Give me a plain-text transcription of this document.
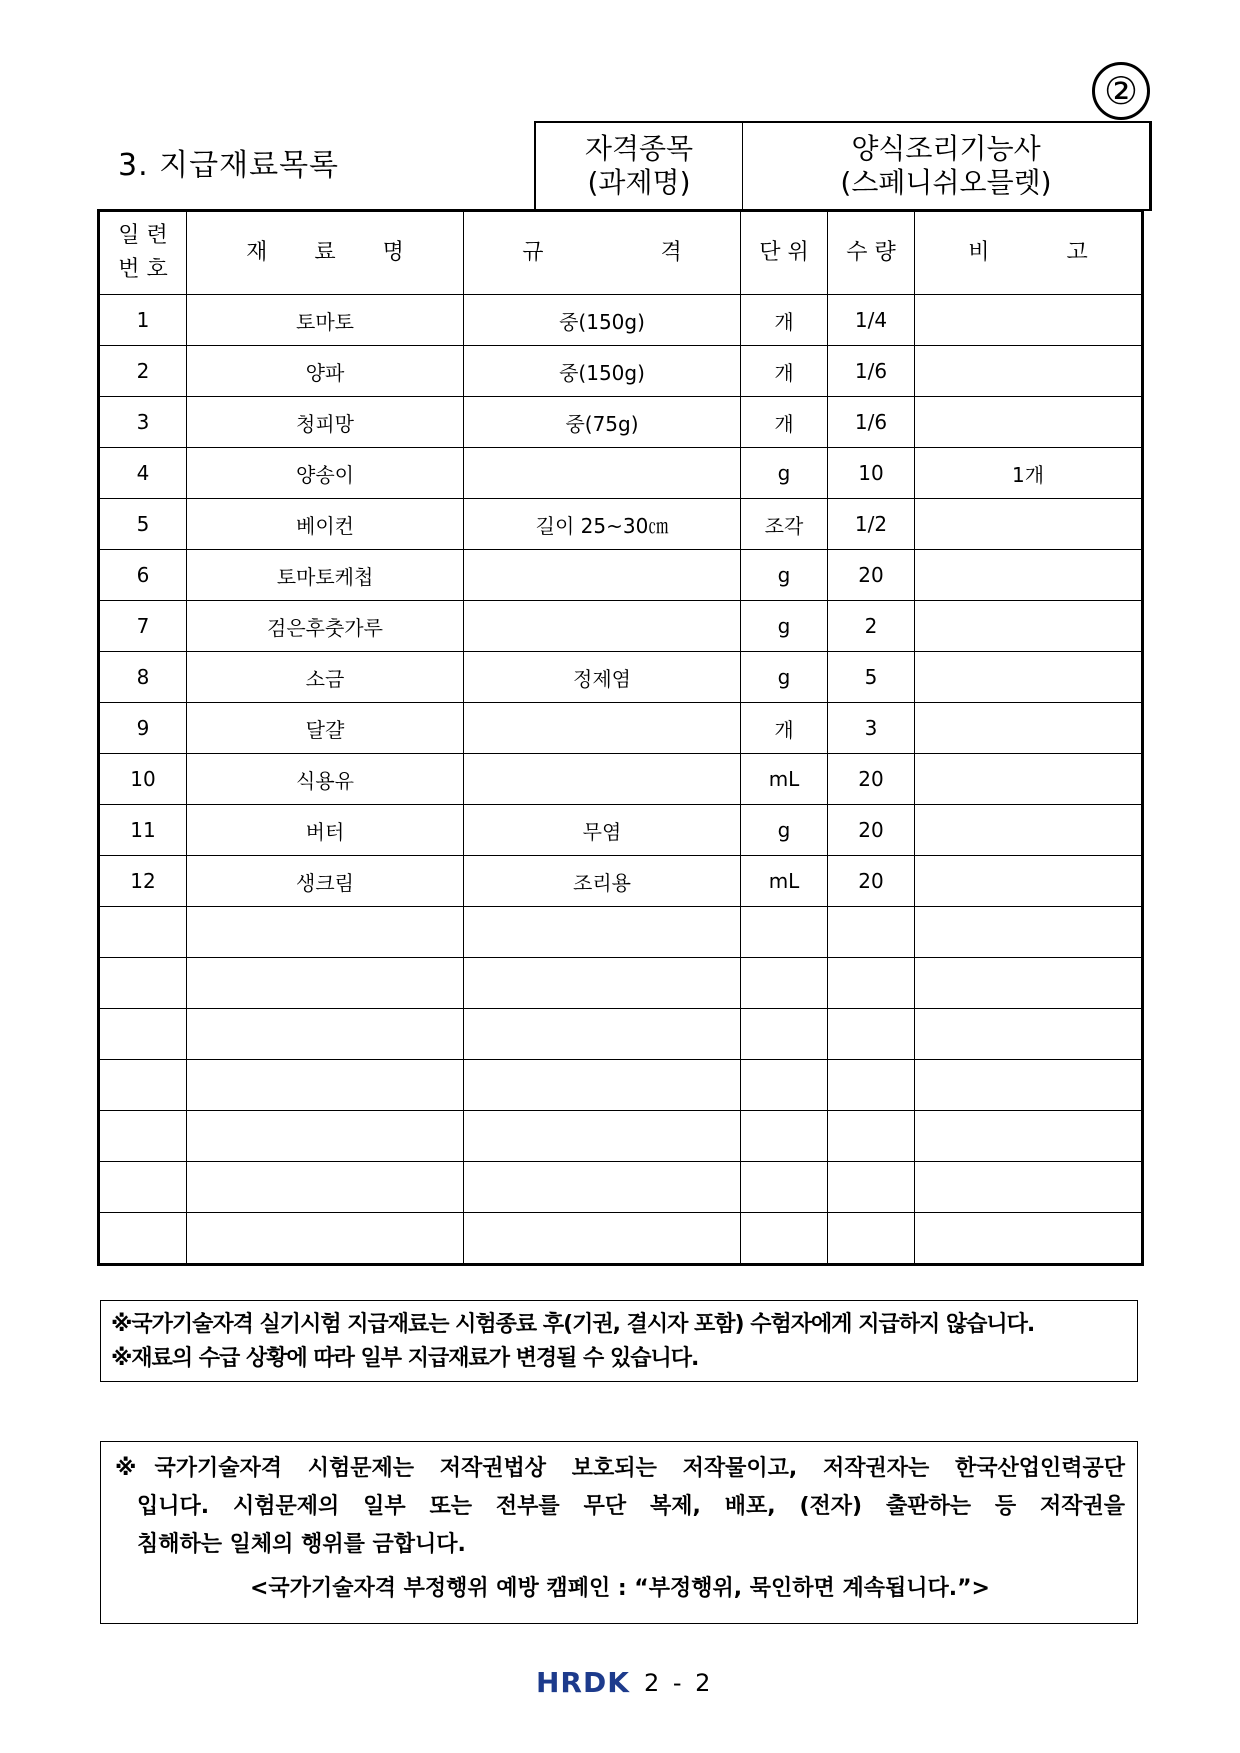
②
3. 지급재료목록	자격종목
(과제명)

양식조리기능사
(스페니쉬오믈렛)
일 련
번 호	재 료 명	규 격	단 위	수 량	비 고
1	토마토	중(150g)	개	1/4	
2	양파	중(150g)	개	1/6	
3	청피망	중(75g)	개	1/6	
4	양송이		g	10	1개
5	베이컨	길이 25~30㎝	조각	1/2	
6	토마토케첩		g	20	
7	검은후춧가루		g	2	
8	소금	정제염	g	5	
9	달걀		개	3	
10	식용유		mL	20	
11	버터	무염	g	20	
12	생크림	조리용	mL	20	

※국가기술자격 실기시험 지급재료는 시험종료 후(기권, 결시자 포함) 수험자에게 지급하지 않습니다.
※재료의 수급 상황에 따라 일부 지급재료가 변경될 수 있습니다.
※국가기술자격 시험문제는 저작권법상 보호되는 저작물이고, 저작권자는 한국산업인력공단
입니다. 시험문제의 일부 또는 전부를 무단 복제, 배포, (전자) 출판하는 등 저작권을
침해하는 일체의 행위를 금합니다.
<국가기술자격 부정행위 예방 캠페인 : “부정행위, 묵인하면 계속됩니다.”>
HRDK 2 - 2
